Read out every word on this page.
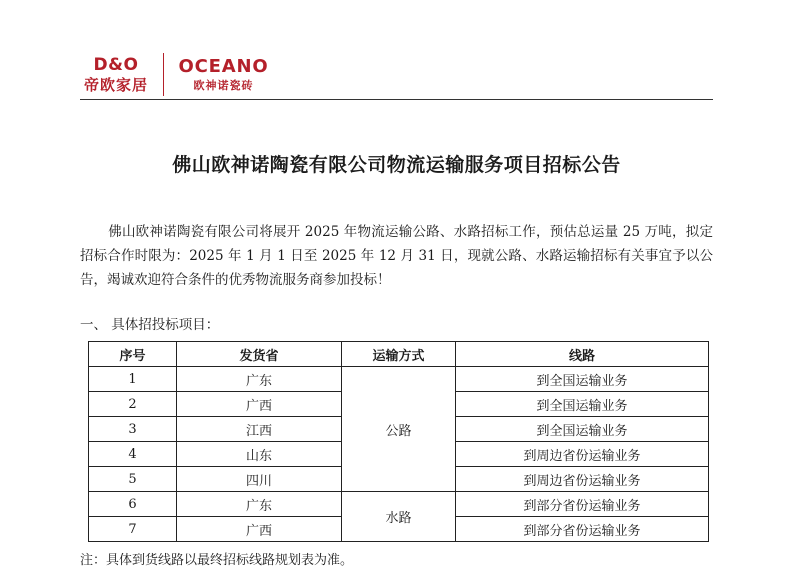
D&O
帝欧家居
OCEANO
欧神诺瓷砖
佛山欧神诺陶瓷有限公司物流运输服务项目招标公告
佛山欧神诺陶瓷有限公司将展开 2025 年物流运输公路、水路招标工作，预估总运量 25 万吨，拟定招标合作时限为：2025 年 1 月 1 日至 2025 年 12 月 31 日，现就公路、水路运输招标有关事宜予以公告，竭诚欢迎符合条件的优秀物流服务商参加投标！
一、 具体招投标项目：
序号	发货省	运输方式	线路
1	广东	公路	到全国运输业务
2	广西		到全国运输业务
3	江西		到全国运输业务
4	山东		到周边省份运输业务
5	四川		到周边省份运输业务
6	广东	水路	到部分省份运输业务
7	广西		到部分省份运输业务
注：具体到货线路以最终招标线路规划表为准。
